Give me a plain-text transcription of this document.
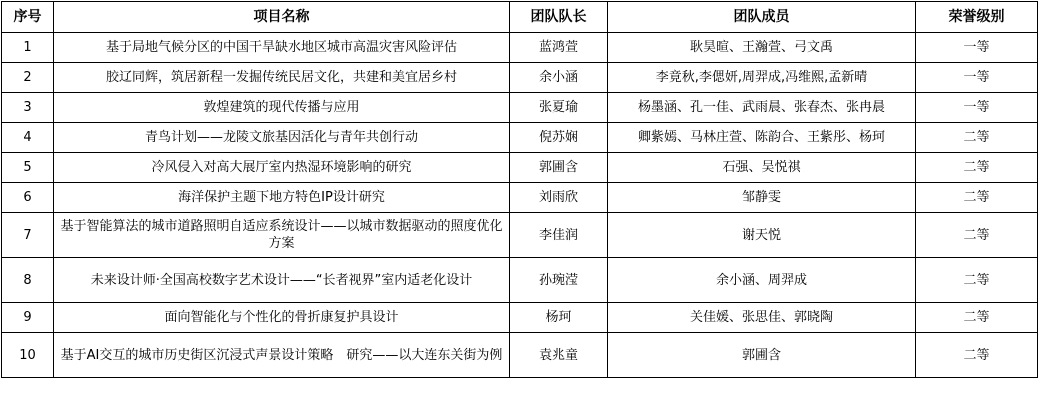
序号	项目名称	团队队长	团队成员	荣誉级别
1	基于局地气候分区的中国干旱缺水地区城市高温灾害风险评估	蓝鸿萱	耿昊暄、王瀚萱、弓文禹	一等
2	胶辽同辉，筑居新程一发掘传统民居文化，共建和美宜居乡村	余小涵	李竟秋,李偲妍,周羿成,冯维熙,孟新晴	一等
3	敦煌建筑的现代传播与应用	张夏瑜	杨墨涵、孔一佳、武雨晨、张春杰、张冉晨	一等
4	青鸟计划——龙陵文旅基因活化与青年共创行动	倪苏娴	卿紫嫣、马林庄萱、陈韵合、王紫彤、杨珂	二等
5	冷风侵入对高大展厅室内热湿环境影响的研究	郭圃含	石强、吴悦祺	二等
6	海洋保护主题下地方特色IP设计研究	刘雨欣	邹静雯	二等
7	基于智能算法的城市道路照明自适应系统设计——以城市数据驱动的照度优化方案	李佳润	谢天悦	二等
8	未来设计师·全国高校数字艺术设计——“长者视界”室内适老化设计	孙琬滢	余小涵、周羿成	二等
9	面向智能化与个性化的骨折康复护具设计	杨珂	关佳媛、张思佳、郭晓陶	二等
10	基于AI交互的城市历史街区沉浸式声景设计策略　研究——以大连东关街为例	袁兆童	郭圃含	二等
